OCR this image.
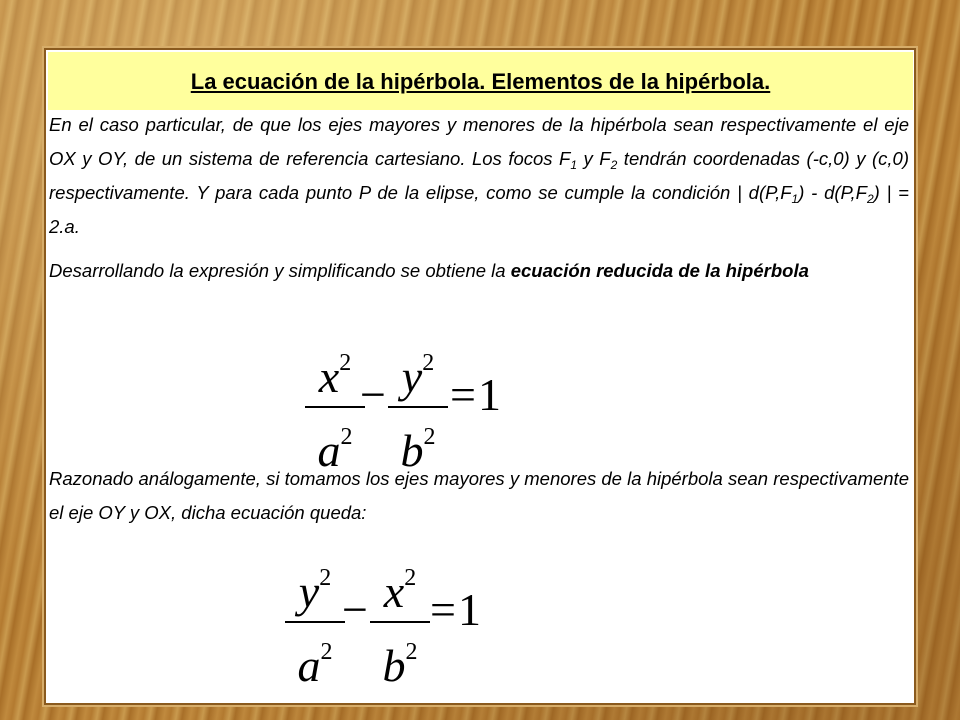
La ecuación de la hipérbola. Elementos de la hipérbola.
En el caso particular, de que los ejes mayores y menores de la hipérbola sean respectivamente el eje OX y OY, de un sistema de referencia cartesiano. Los focos $F_1$ y $F_2$ tendrán coordenadas (-c,0) y (c,0) respectivamente. Y para cada punto P de la elipse, como se cumple la condición | $d(P,F_1) - d(P,F_2)$ | = 2.a.
Desarrollando la expresión y simplificando se obtiene la ecuación reducida de la hipérbola
$x^2$
$a^2$
− $y^2$
$b^2$
= 1
Razonado análogamente, si tomamos los ejes mayores y menores de la hipérbola sean respectivamente el eje OY y OX, dicha ecuación queda:
$y^2$
$a^2$
− $x^2$
$b^2$
= 1
